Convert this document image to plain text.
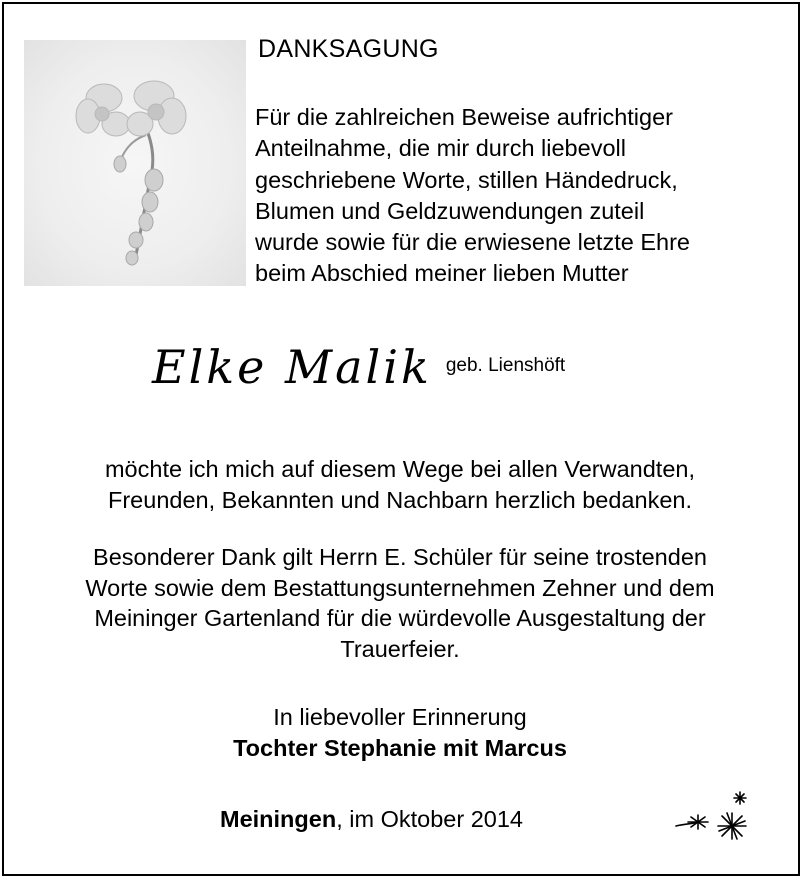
DANKSAGUNG
Für die zahlreichen Beweise aufrichtiger
Anteilnahme, die mir durch liebevoll
geschriebene Worte, stillen Händedruck,
Blumen und Geldzuwendungen zuteil
wurde sowie für die erwiesene letzte Ehre
beim Abschied meiner lieben Mutter
Elke Malik geb. Lienshöft
möchte ich mich auf diesem Wege bei allen Verwandten,
Freunden, Bekannten und Nachbarn herzlich bedanken.
Besonderer Dank gilt Herrn E. Schüler für seine trostenden
Worte sowie dem Bestattungsunternehmen Zehner und dem
Meininger Gartenland für die würdevolle Ausgestaltung der
Trauerfeier.
In liebevoller Erinnerung
Tochter Stephanie mit Marcus
Meiningen, im Oktober 2014
